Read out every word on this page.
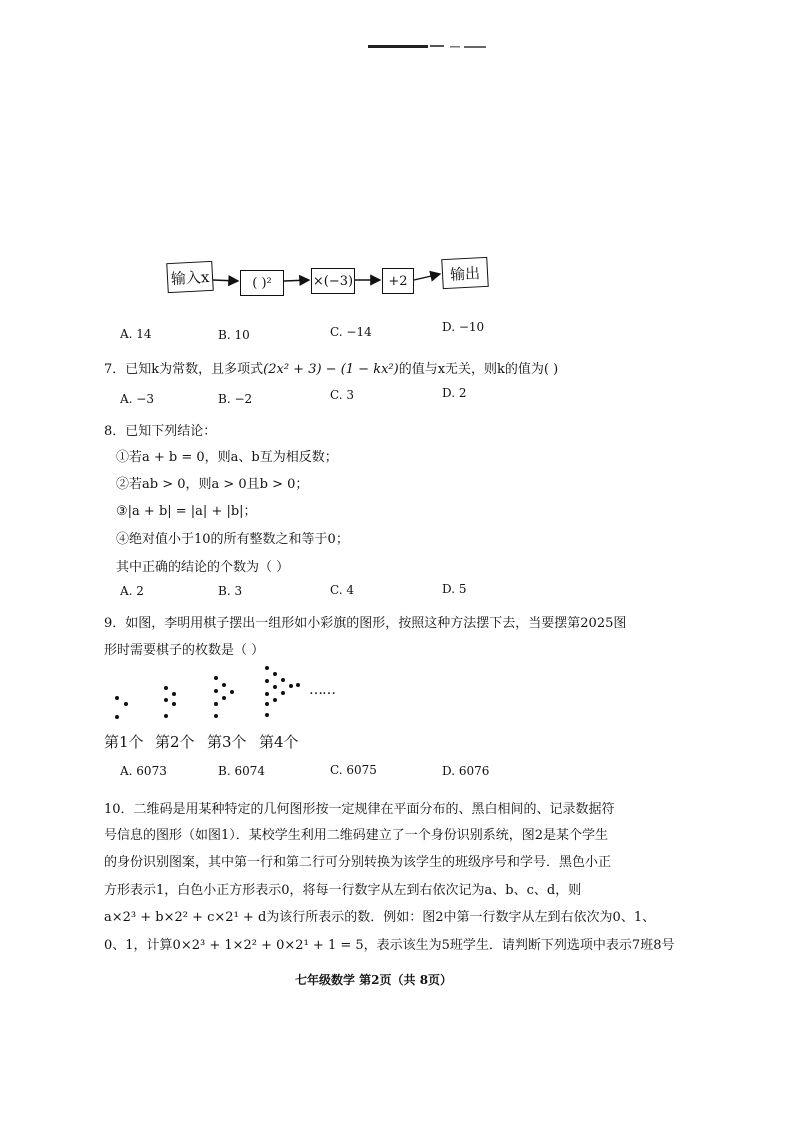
输入x	( )²	×(−3)	+2	输出
A. 14	B. 10	C. −14	D. −10
7．已知k为常数，且多项式(2x² + 3) − (1 − kx²)的值与x无关，则k的值为( )
A. −3	B. −2	C. 3	D. 2
8．已知下列结论：
①若a + b = 0，则a、b互为相反数；
②若ab > 0，则a > 0且b > 0；
③|a + b| = |a| + |b|；
④绝对值小于10的所有整数之和等于0；
其中正确的结论的个数为（ ）
A. 2	B. 3	C. 4	D. 5
9．如图，李明用棋子摆出一组形如小彩旗的图形，按照这种方法摆下去，当要摆第2025图
形时需要棋子的枚数是（ ）
……
第1个 第2个 第3个 第4个
A. 6073	B. 6074	C. 6075	D. 6076
10．二维码是用某种特定的几何图形按一定规律在平面分布的、黑白相间的、记录数据符
号信息的图形（如图1）．某校学生利用二维码建立了一个身份识别系统，图2是某个学生
的身份识别图案，其中第一行和第二行可分别转换为该学生的班级序号和学号．黑色小正
方形表示1，白色小正方形表示0，将每一行数字从左到右依次记为a、b、c、d，则
a×2³ + b×2² + c×2¹ + d为该行所表示的数．例如：图2中第一行数字从左到右依次为0、1、
0、1，计算0×2³ + 1×2² + 0×2¹ + 1 = 5，表示该生为5班学生．请判断下列选项中表示7班8号
七年级数学 第2页（共 8页）
